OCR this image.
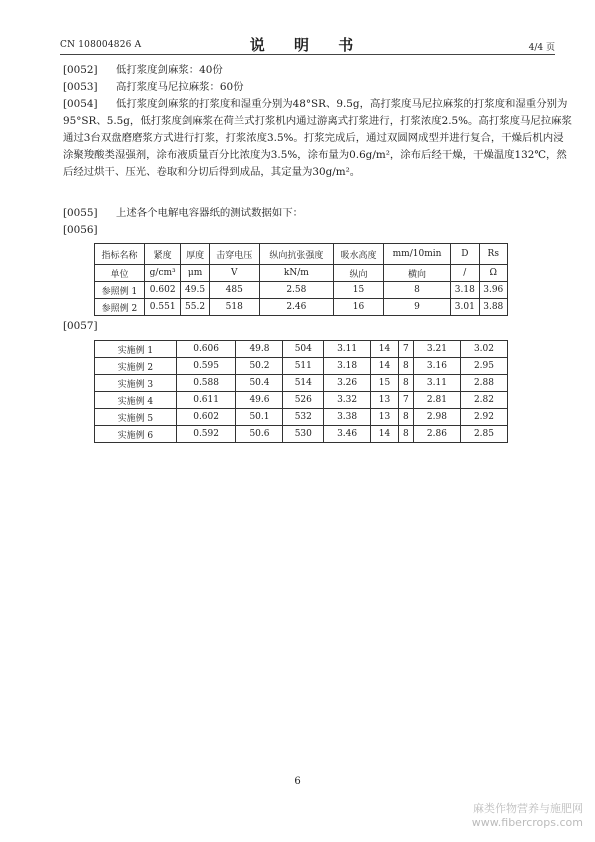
CN 108004826 A	说 明 书	4/4 页
[0052]	低打浆度剑麻浆：40份
[0053]	高打浆度马尼拉麻浆：60份
[0054]	低打浆度剑麻浆的打浆度和湿重分别为48°SR、9.5g，高打浆度马尼拉麻浆的打浆度和湿重分别为95°SR、5.5g，低打浆度剑麻浆在荷兰式打浆机内通过游离式打浆进行，打浆浓度2.5%。高打浆度马尼拉麻浆通过3台双盘磨磨浆方式进行打浆，打浆浓度3.5%。打浆完成后，通过双圆网成型并进行复合，干燥后机内浸涂聚羧酸类湿强剂，涂布液质量百分比浓度为3.5%，涂布量为0.6g/m²，涂布后经干燥，干燥温度132℃，然后经过烘干、压光、卷取和分切后得到成品，其定量为30g/m²。
[0055]	上述各个电解电容器纸的测试数据如下：
[0056]
指标名称	紧度	厚度	击穿电压	纵向抗张强度	吸水高度	mm/10min	D	Rs
单位	g/cm³	μm	V	kN/m	纵向	横向	/	Ω
参照例 1	0.602	49.5	485	2.58	15	8	3.18	3.96
参照例 2	0.551	55.2	518	2.46	16	9	3.01	3.88
[0057]
实施例 1	0.606	49.8	504	3.11	14	7	3.21	3.02
实施例 2	0.595	50.2	511	3.18	14	8	3.16	2.95
实施例 3	0.588	50.4	514	3.26	15	8	3.11	2.88
实施例 4	0.611	49.6	526	3.32	13	7	2.81	2.82
实施例 5	0.602	50.1	532	3.38	13	8	2.98	2.92
实施例 6	0.592	50.6	530	3.46	14	8	2.86	2.85
6
麻类作物营养与施肥网
www.fibercrops.com
